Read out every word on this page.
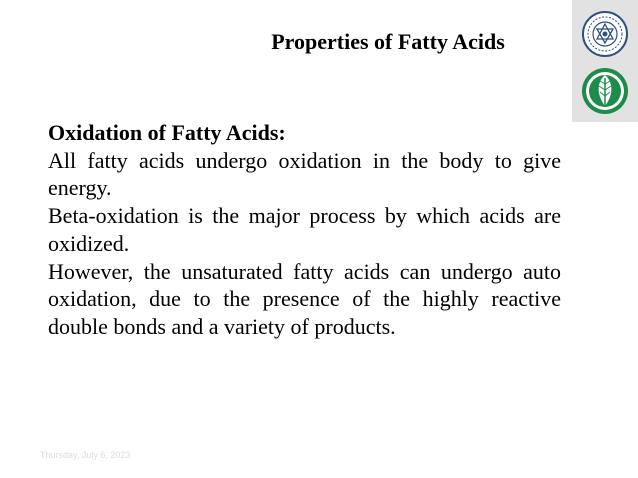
Properties of Fatty Acids
Oxidation of Fatty Acids:
All fatty acids undergo oxidation in the body to give energy.
Beta-oxidation is the major process by which acids are oxidized.
However, the unsaturated fatty acids can undergo auto oxidation, due to the presence of the highly reactive double bonds and a variety of products.
Thursday, July 6, 2023
